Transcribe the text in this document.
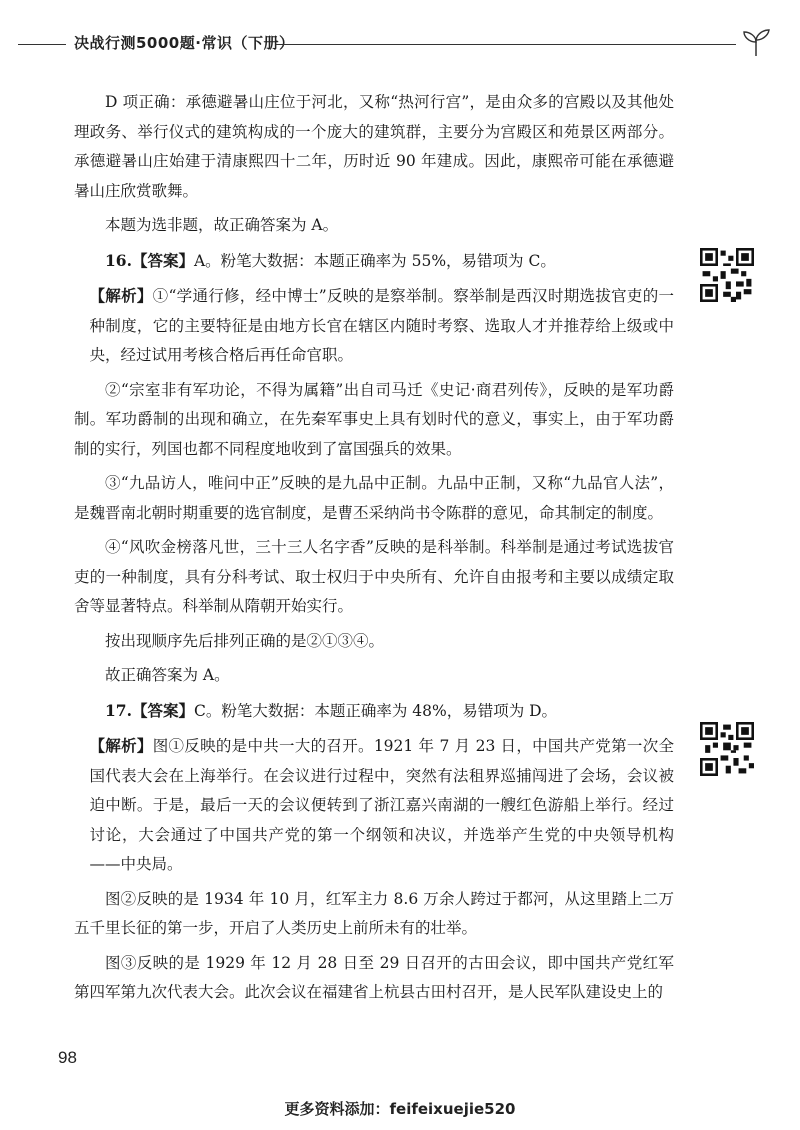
决战行测5000题·常识（下册）

D 项正确：承德避暑山庄位于河北，又称“热河行宫”，是由众多的宫殿以及其他处理政务、举行仪式的建筑构成的一个庞大的建筑群，主要分为宫殿区和苑景区两部分。承德避暑山庄始建于清康熙四十二年，历时近 90 年建成。因此，康熙帝可能在承德避暑山庄欣赏歌舞。

本题为选非题，故正确答案为 A。

16.【答案】A。粉笔大数据：本题正确率为 55%，易错项为 C。

【解析】①“学通行修，经中博士”反映的是察举制。察举制是西汉时期选拔官吏的一种制度，它的主要特征是由地方长官在辖区内随时考察、选取人才并推荐给上级或中央，经过试用考核合格后再任命官职。

②“宗室非有军功论，不得为属籍”出自司马迁《史记·商君列传》，反映的是军功爵制。军功爵制的出现和确立，在先秦军事史上具有划时代的意义，事实上，由于军功爵制的实行，列国也都不同程度地收到了富国强兵的效果。

③“九品访人，唯问中正”反映的是九品中正制。九品中正制，又称“九品官人法”，是魏晋南北朝时期重要的选官制度，是曹丕采纳尚书令陈群的意见，命其制定的制度。

④“风吹金榜落凡世，三十三人名字香”反映的是科举制。科举制是通过考试选拔官吏的一种制度，具有分科考试、取士权归于中央所有、允许自由报考和主要以成绩定取舍等显著特点。科举制从隋朝开始实行。

按出现顺序先后排列正确的是②①③④。

故正确答案为 A。

17.【答案】C。粉笔大数据：本题正确率为 48%，易错项为 D。

【解析】图①反映的是中共一大的召开。1921 年 7 月 23 日，中国共产党第一次全国代表大会在上海举行。在会议进行过程中，突然有法租界巡捕闯进了会场，会议被迫中断。于是，最后一天的会议便转到了浙江嘉兴南湖的一艘红色游船上举行。经过讨论，大会通过了中国共产党的第一个纲领和决议，并选举产生党的中央领导机构——中央局。

图②反映的是 1934 年 10 月，红军主力 8.6 万余人跨过于都河，从这里踏上二万五千里长征的第一步，开启了人类历史上前所未有的壮举。

图③反映的是 1929 年 12 月 28 日至 29 日召开的古田会议，即中国共产党红军第四军第九次代表大会。此次会议在福建省上杭县古田村召开，是人民军队建设史上的

98
更多资料添加：feifeixuejie520
